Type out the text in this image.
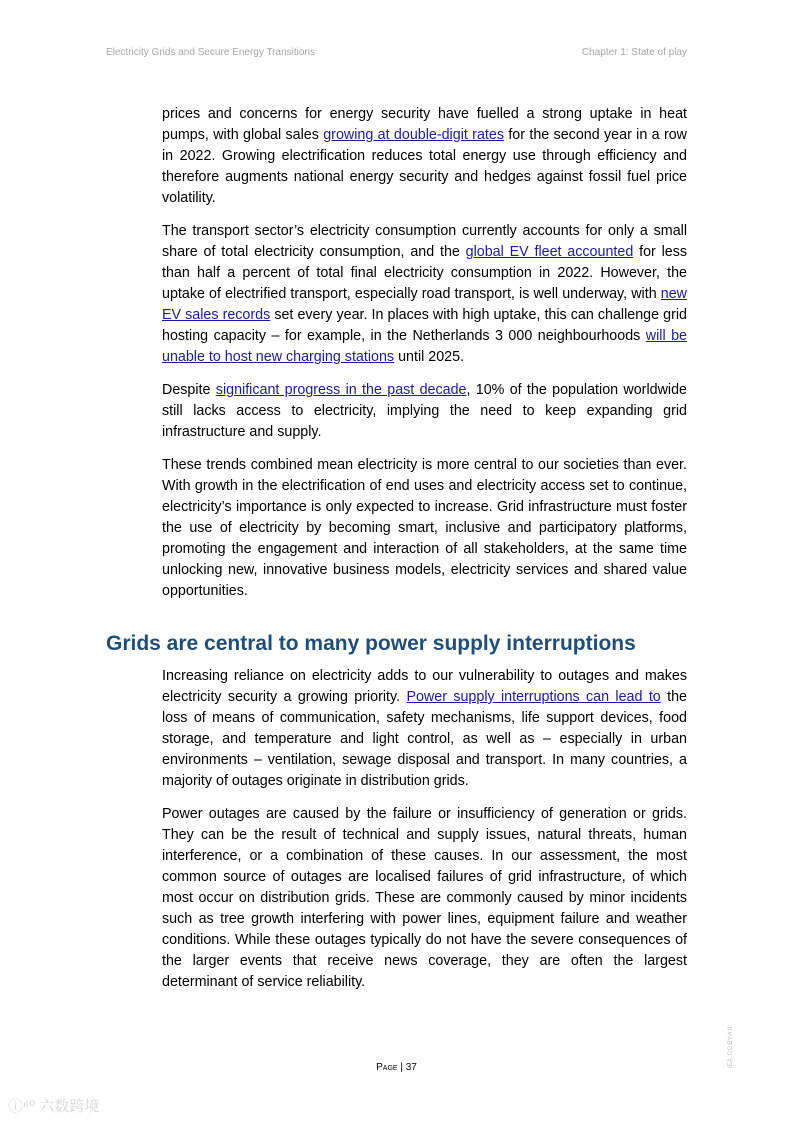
Electricity Grids and Secure Energy Transitions	Chapter 1: State of play

prices and concerns for energy security have fuelled a strong uptake in heat pumps, with global sales growing at double-digit rates for the second year in a row in 2022. Growing electrification reduces total energy use through efficiency and therefore augments national energy security and hedges against fossil fuel price volatility.

The transport sector’s electricity consumption currently accounts for only a small share of total electricity consumption, and the global EV fleet accounted for less than half a percent of total final electricity consumption in 2022. However, the uptake of electrified transport, especially road transport, is well underway, with new EV sales records set every year. In places with high uptake, this can challenge grid hosting capacity – for example, in the Netherlands 3 000 neighbourhoods will be unable to host new charging stations until 2025.

Despite significant progress in the past decade, 10% of the population worldwide still lacks access to electricity, implying the need to keep expanding grid infrastructure and supply.

These trends combined mean electricity is more central to our societies than ever. With growth in the electrification of end uses and electricity access set to continue, electricity’s importance is only expected to increase. Grid infrastructure must foster the use of electricity by becoming smart, inclusive and participatory platforms, promoting the engagement and interaction of all stakeholders, at the same time unlocking new, innovative business models, electricity services and shared value opportunities.

Grids are central to many power supply interruptions

Increasing reliance on electricity adds to our vulnerability to outages and makes electricity security a growing priority. Power supply interruptions can lead to the loss of means of communication, safety mechanisms, life support devices, food storage, and temperature and light control, as well as – especially in urban environments – ventilation, sewage disposal and transport. In many countries, a majority of outages originate in distribution grids.

Power outages are caused by the failure or insufficiency of generation or grids. They can be the result of technical and supply issues, natural threats, human interference, or a combination of these causes. In our assessment, the most common source of outages are localised failures of grid infrastructure, of which most occur on distribution grids. These are commonly caused by minor incidents such as tree growth interfering with power lines, equipment failure and weather conditions. While these outages typically do not have the severe consequences of the larger events that receive news coverage, they are often the largest determinant of service reliability.

Page | 37	IEA. CC BY 4.0.
ⓘ⁶⁰ 六数跨境
